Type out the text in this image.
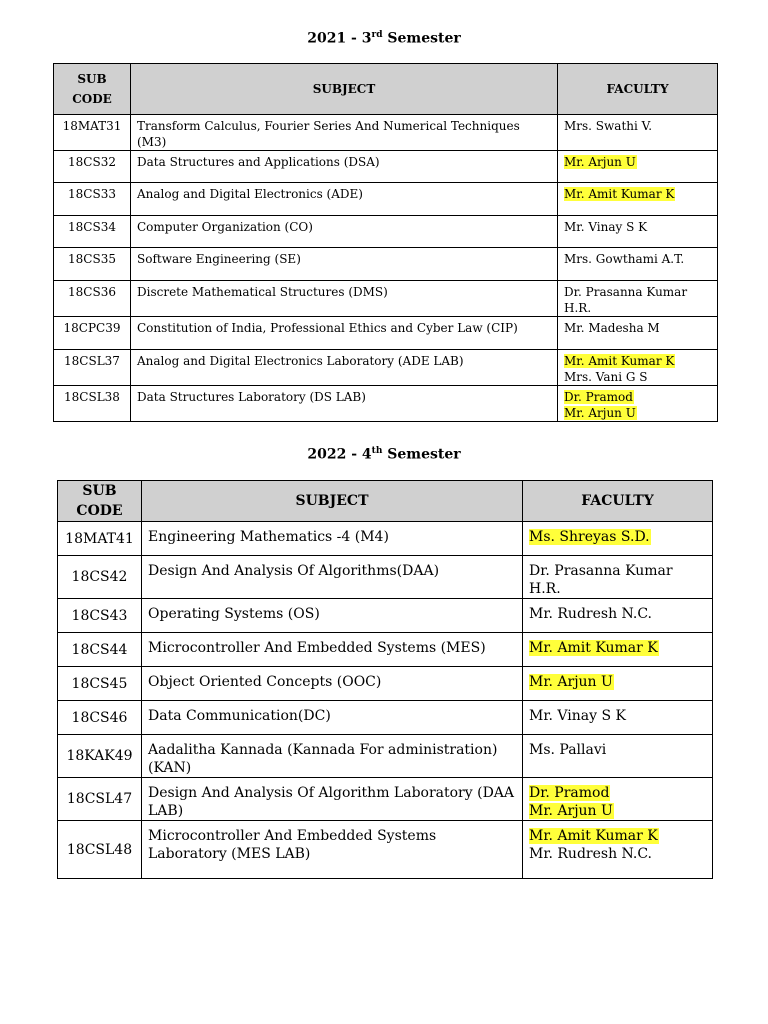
2021 - 3rd Semester
SUB CODE	SUBJECT	FACULTY
18MAT31	Transform Calculus, Fourier Series And Numerical Techniques (M3)	Mrs. Swathi V.

18CS32	Data Structures and Applications (DSA)	Mr. Arjun U

18CS33	Analog and Digital Electronics (ADE)	Mr. Amit Kumar K

18CS34	Computer Organization (CO)	Mr. Vinay S K

18CS35	Software Engineering (SE)	Mrs. Gowthami A.T.

18CS36	Discrete Mathematical Structures (DMS)	Dr. Prasanna Kumar H.R.

18CPC39	Constitution of India, Professional Ethics and Cyber Law (CIP)	Mr. Madesha M

18CSL37	Analog and Digital Electronics Laboratory (ADE LAB)	Mr. Amit Kumar K
Mrs. Vani G S

18CSL38	Data Structures Laboratory (DS LAB)	Dr. Pramod
Mr. Arjun U
2022 - 4th Semester
SUB CODE	SUBJECT	FACULTY
18MAT41	Engineering Mathematics -4 (M4)	Ms. Shreyas S.D.

18CS42	Design And Analysis Of Algorithms(DAA)	Dr. Prasanna Kumar H.R.

18CS43	Operating Systems (OS)	Mr. Rudresh N.C.

18CS44	Microcontroller And Embedded Systems (MES)	Mr. Amit Kumar K

18CS45	Object Oriented Concepts (OOC)	Mr. Arjun U

18CS46	Data Communication(DC)	Mr. Vinay S K

18KAK49	Aadalitha Kannada (Kannada For administration) (KAN)	Ms. Pallavi

18CSL47	Design And Analysis Of Algorithm Laboratory (DAA LAB)	Dr. Pramod
Mr. Arjun U

18CSL48	Microcontroller And Embedded Systems Laboratory (MES LAB)	Mr. Amit Kumar K
Mr. Rudresh N.C.
